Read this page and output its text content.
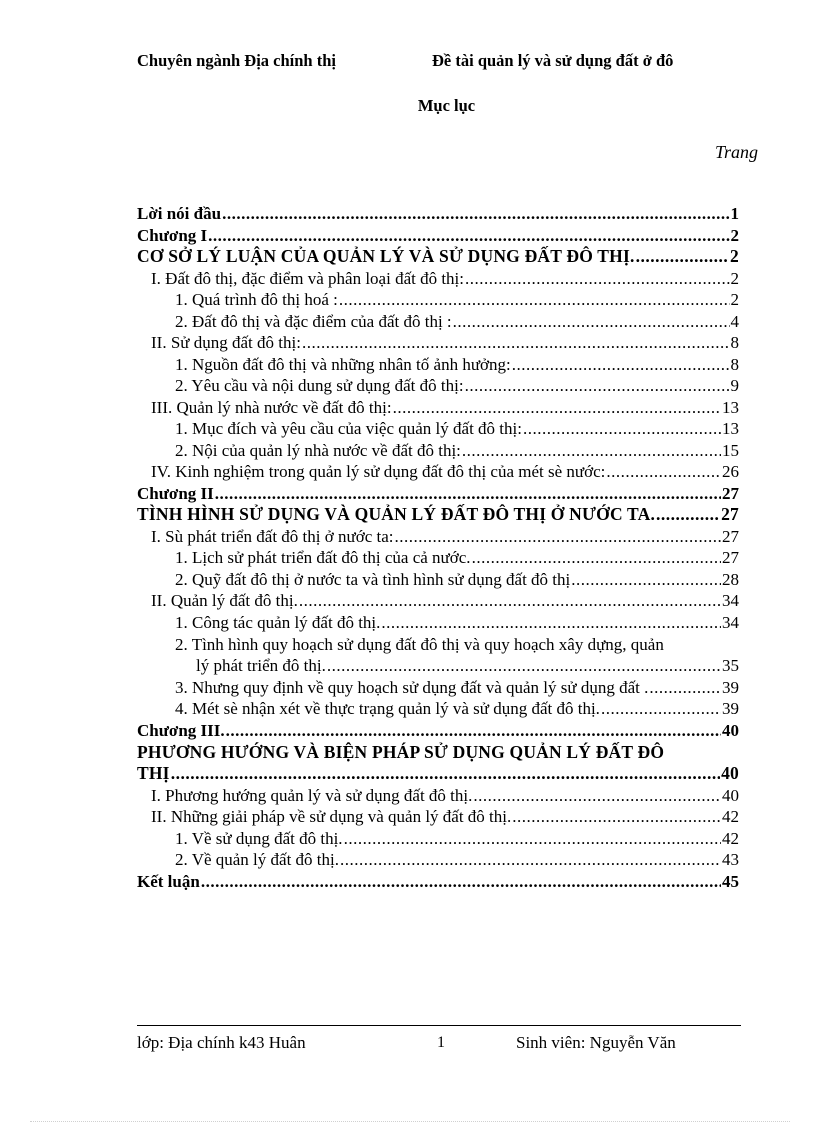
Chuyên ngành Địa chính thị	Đề tài quản lý và sử dụng đất ở đô
Mục lục
Trang
Lời nói đầu .....	1
Chương I .....	2
CƠ SỞ LÝ LUẬN CỦA QUẢN LÝ VÀ SỬ DỤNG ĐẤT ĐÔ THỊ. .....	2
I. Đất đô thị, đặc điểm và phân loại đất đô thị: .....	2
1. Quá trình đô thị hoá : .....	2
2. Đất đô thị và đặc điểm của đất đô thị : .....	4
II. Sử dụng đất đô thị: .....	8
1. Nguồn đất đô thị và những nhân tố ảnh hưởng: .....	8
2. Yêu cầu và nội dung sử dụng đất đô thị: .....	9
III. Quản lý nhà nước về đất đô thị: .....	13
1. Mục đích và yêu cầu của việc quản lý đất đô thị: .....	13
2. Nội của quản lý nhà nước về đất đô thị: .....	15
IV. Kinh nghiệm trong quản lý sử dụng đất đô thị của mét sè nước: .....	26
Chương II .....	27
TÌNH HÌNH SỬ DỤNG VÀ QUẢN LÝ ĐẤT ĐÔ THỊ Ở NƯỚC TA. .....	27
I. Sù phát triển đất đô thị ở nước ta: .....	27
1. Lịch sử phát triển đất đô thị của cả nước. .....	27
2. Quỹ đất đô thị ở nước ta và tình hình sử dụng đất đô thị .....	28
II. Quản lý đất đô thị. .....	34
1. Công tác quản lý đất đô thị. .....	34
2. Tình hình quy hoạch sử dụng đất đô thị và quy hoạch xây dựng, quản
lý phát triển đô thị. .....	35
3. Nhưng quy định về quy hoạch sử dụng đất và quản lý sử dụng đất . .....	39
4. Mét sè nhận xét về thực trạng quản lý và sử dụng đất đô thị. .....	39
Chương III. .....	40
PHƯƠNG HƯỚNG VÀ BIỆN PHÁP SỬ DỤNG QUẢN LÝ ĐẤT ĐÔ
THỊ .....	40
I. Phương hướng quản lý và sử dụng đất đô thị. .....	40
II. Những giải pháp về sử dụng và quản lý đất đô thị. .....	42
1. Về sử dụng đất đô thị. .....	42
2. Về quản lý đất đô thị. .....	43
Kết luận .....	45
lớp: Địa chính k43 Huân	1	Sinh viên: Nguyễn Văn
